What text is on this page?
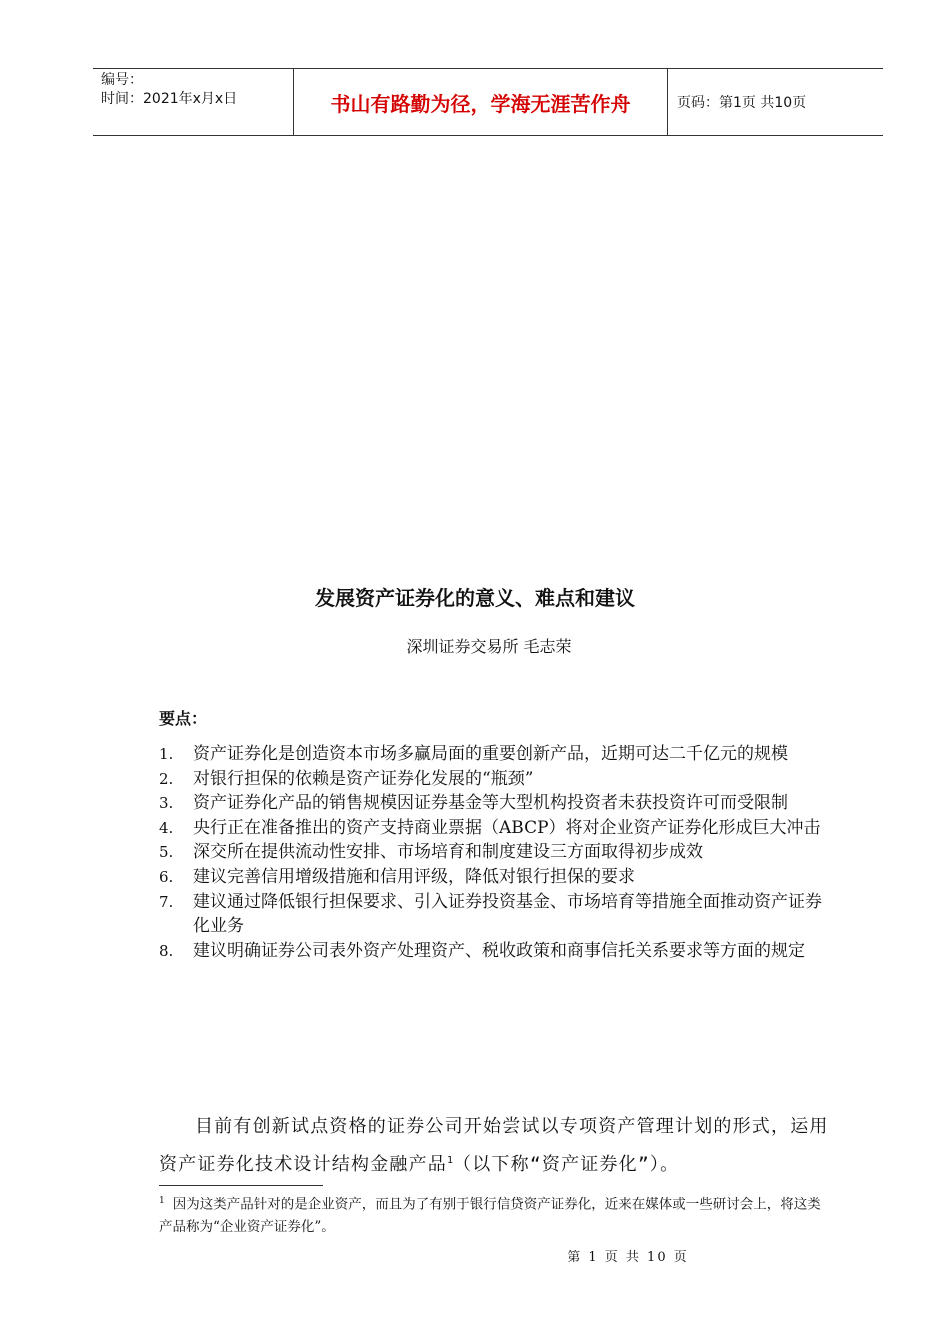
编号：
时间：2021年x月x日	书山有路勤为径，学海无涯苦作舟	页码：第1页 共10页
发展资产证券化的意义、难点和建议
深圳证券交易所 毛志荣
要点：
1.	资产证券化是创造资本市场多赢局面的重要创新产品，近期可达二千亿元的规模
2.	对银行担保的依赖是资产证券化发展的“瓶颈”
3.	资产证券化产品的销售规模因证券基金等大型机构投资者未获投资许可而受限制
4.	央行正在准备推出的资产支持商业票据（ABCP）将对企业资产证券化形成巨大冲击
5.	深交所在提供流动性安排、市场培育和制度建设三方面取得初步成效
6.	建议完善信用增级措施和信用评级，降低对银行担保的要求
7.	建议通过降低银行担保要求、引入证券投资基金、市场培育等措施全面推动资产证券化业务
8.	建议明确证券公司表外资产处理资产、税收政策和商事信托关系要求等方面的规定
目前有创新试点资格的证券公司开始尝试以专项资产管理计划的形式，运用资产证券化技术设计结构金融产品$^1$（以下称“资产证券化”）。
$^1$ 因为这类产品针对的是企业资产，而且为了有别于银行信贷资产证券化，近来在媒体或一些研讨会上，将这类产品称为“企业资产证券化”。
第 1 页 共 10 页
